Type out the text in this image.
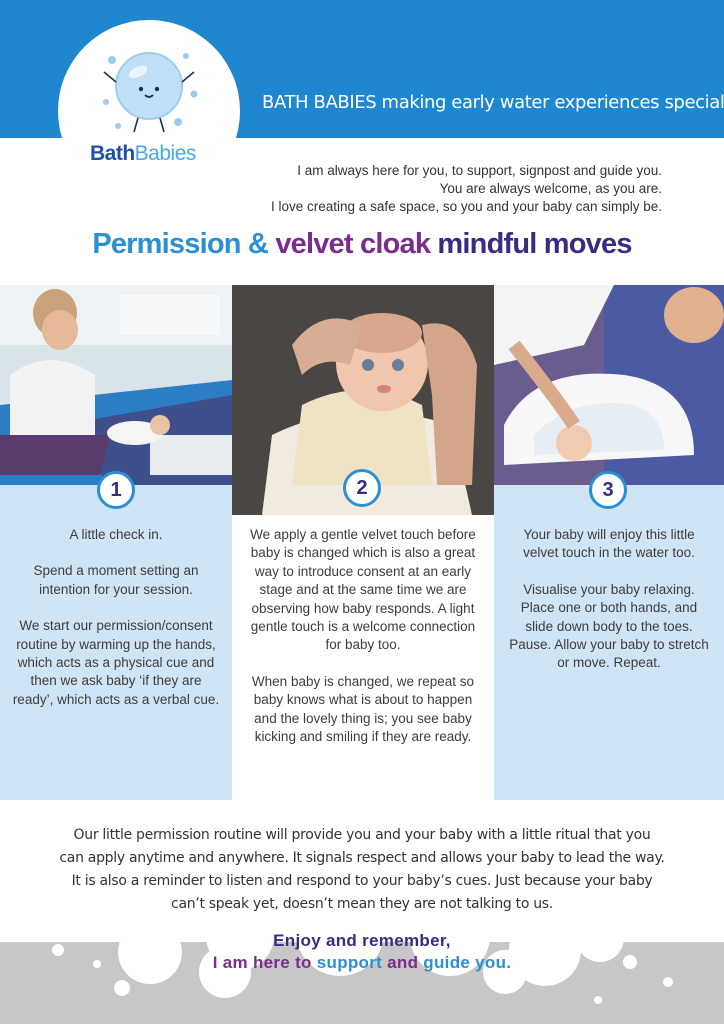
BathBabies
BATH BABIES making early water experiences special
I am always here for you, to support, signpost and guide you.
You are always welcome, as you are.
I love creating a safe space, so you and your baby can simply be.
Permission & velvet cloak mindful moves
1	2	3
A little check in.
Spend a moment setting an intention for your session.
We start our permission/consent routine by warming up the hands, which acts as a physical cue and then we ask baby ‘if they are ready’, which acts as a verbal cue.
We apply a gentle velvet touch before baby is changed which is also a great way to introduce consent at an early stage and at the same time we are observing how baby responds. A light gentle touch is a welcome connection for baby too.
When baby is changed, we repeat so baby knows what is about to happen and the lovely thing is; you see baby kicking and smiling if they are ready.
Your baby will enjoy this little velvet touch in the water too.
Visualise your baby relaxing. Place one or both hands, and slide down body to the toes. Pause. Allow your baby to stretch or move. Repeat.
Our little permission routine will provide you and your baby with a little ritual that you
can apply anytime and anywhere. It signals respect and allows your baby to lead the way.
It is also a reminder to listen and respond to your baby’s cues. Just because your baby
can’t speak yet, doesn’t mean they are not talking to us.
Enjoy and remember,
I am here to support and guide you.
